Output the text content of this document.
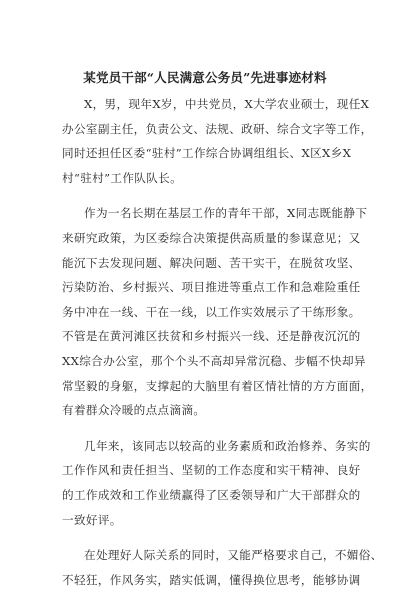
某党员干部“人民满意公务员”先进事迹材料

X，男，现年X岁，中共党员，X大学农业硕士，现任X
办公室副主任，负责公文、法规、政研、综合文字等工作，
同时还担任区委“驻村”工作综合协调组组长、X区X乡X
村“驻村”工作队队长。

作为一名长期在基层工作的青年干部，X同志既能静下
来研究政策，为区委综合决策提供高质量的参谋意见；又
能沉下去发现问题、解决问题、苦干实干，在脱贫攻坚、
污染防治、乡村振兴、项目推进等重点工作和急难险重任
务中冲在一线、干在一线，以工作实效展示了干练形象。
不管是在黄河滩区扶贫和乡村振兴一线、还是静夜沉沉的
XX综合办公室，那个个头不高却异常沉稳、步幅不快却异
常坚毅的身躯，支撑起的大脑里有着区情社情的方方面面，
有着群众冷暖的点点滴滴。

几年来，该同志以较高的业务素质和政治修养、务实的
工作作风和责任担当、坚韧的工作态度和实干精神、良好
的工作成效和工作业绩赢得了区委领导和广大干部群众的
一致好评。

在处理好人际关系的同时，又能严格要求自己，不媚俗、
不轻狂，作风务实，踏实低调，懂得换位思考，能够协调
